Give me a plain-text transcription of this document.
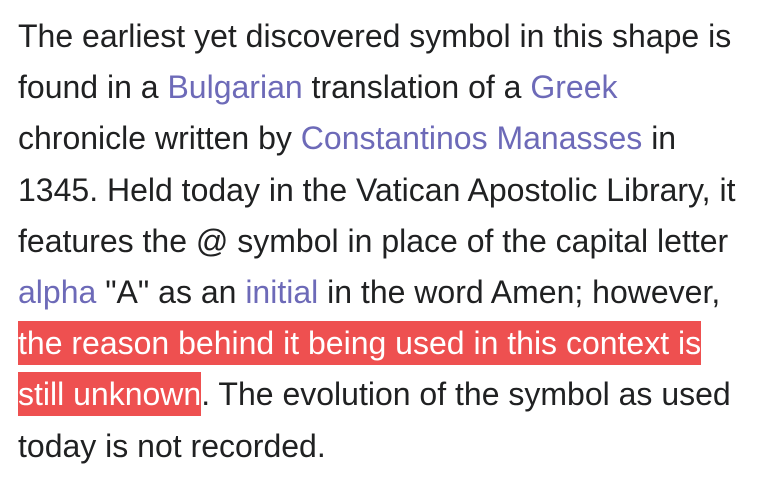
The earliest yet discovered symbol in this shape is found in a Bulgarian translation of a Greek chronicle written by Constantinos Manasses in 1345. Held today in the Vatican Apostolic Library, it features the @ symbol in place of the capital letter alpha "A" as an initial in the word Amen; however, the reason behind it being used in this context is still unknown. The evolution of the symbol as used today is not recorded.
